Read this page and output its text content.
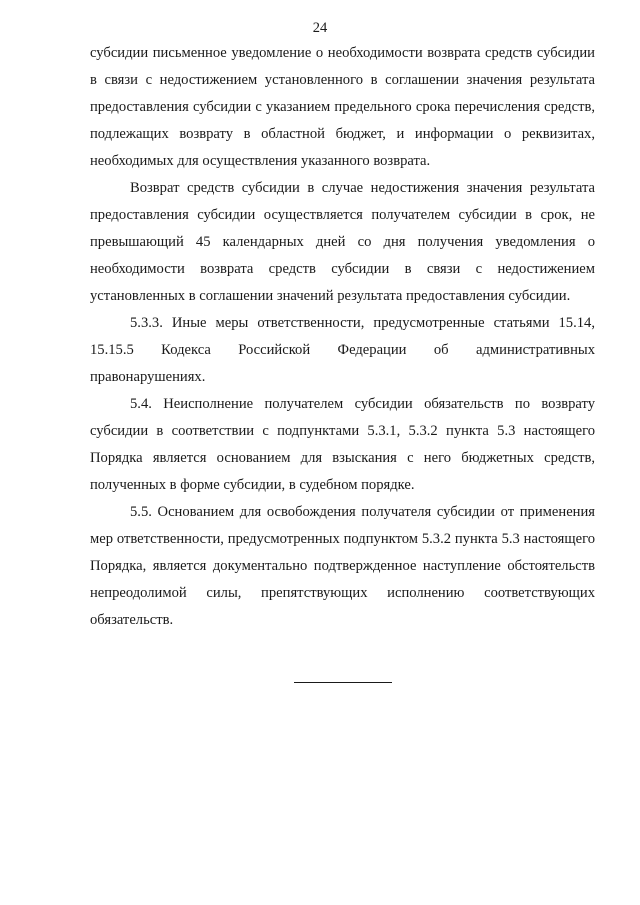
24

субсидии письменное уведомление о необходимости возврата средств субсидии в связи с недостижением установленного в соглашении значения результата предоставления субсидии с указанием предельного срока перечисления средств, подлежащих возврату в областной бюджет, и информации о реквизитах, необходимых для осуществления указанного возврата.

Возврат средств субсидии в случае недостижения значения результата предоставления субсидии осуществляется получателем субсидии в срок, не превышающий 45 календарных дней со дня получения уведомления о необходимости возврата средств субсидии в связи с недостижением установленных в соглашении значений результата предоставления субсидии.

5.3.3. Иные меры ответственности, предусмотренные статьями 15.14, 15.15.5 Кодекса Российской Федерации об административных правонарушениях.

5.4. Неисполнение получателем субсидии обязательств по возврату субсидии в соответствии с подпунктами 5.3.1, 5.3.2 пункта 5.3 настоящего Порядка является основанием для взыскания с него бюджетных средств, полученных в форме субсидии, в судебном порядке.

5.5. Основанием для освобождения получателя субсидии от применения мер ответственности, предусмотренных подпунктом 5.3.2 пункта 5.3 настоящего Порядка, является документально подтвержденное наступление обстоятельств непреодолимой силы, препятствующих исполнению соответствующих обязательств.
